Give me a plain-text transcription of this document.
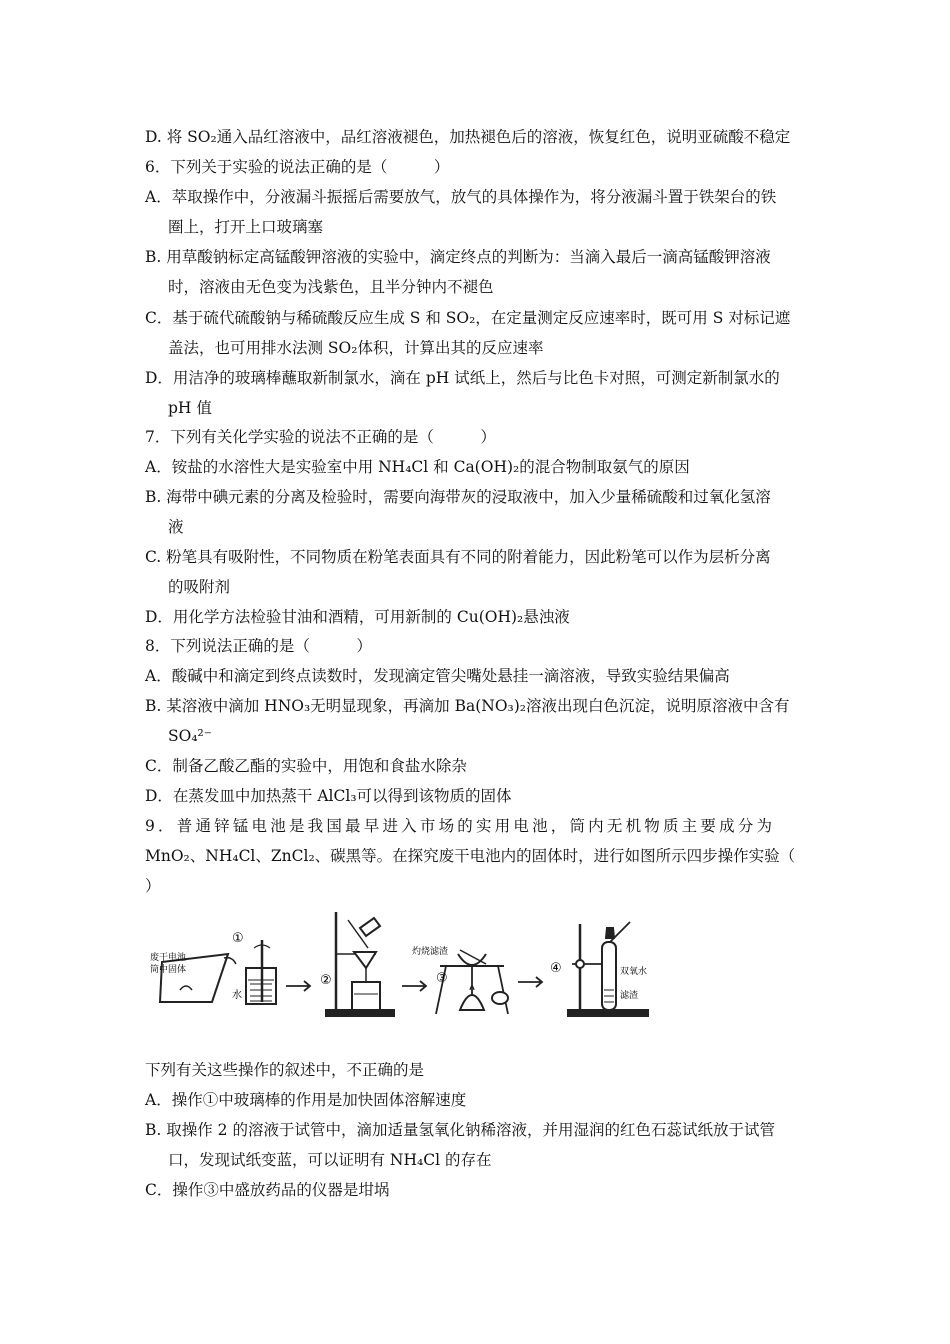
D. 将 SO₂通入品红溶液中，品红溶液褪色，加热褪色后的溶液，恢复红色，说明亚硫酸不稳定
6．下列关于实验的说法正确的是（　　　）
A．萃取操作中，分液漏斗振摇后需要放气，放气的具体操作为，将分液漏斗置于铁架台的铁
圈上，打开上口玻璃塞
B. 用草酸钠标定高锰酸钾溶液的实验中，滴定终点的判断为：当滴入最后一滴高锰酸钾溶液
时，溶液由无色变为浅紫色，且半分钟内不褪色
C．基于硫代硫酸钠与稀硫酸反应生成 S 和 SO₂，在定量测定反应速率时，既可用 S 对标记遮
盖法，也可用排水法测 SO₂体积，计算出其的反应速率
D．用洁净的玻璃棒蘸取新制氯水，滴在 pH 试纸上，然后与比色卡对照，可测定新制氯水的
pH 值
7．下列有关化学实验的说法不正确的是（　　　）
A．铵盐的水溶性大是实验室中用 NH₄Cl 和 Ca(OH)₂的混合物制取氨气的原因
B. 海带中碘元素的分离及检验时，需要向海带灰的浸取液中，加入少量稀硫酸和过氧化氢溶
液
C. 粉笔具有吸附性，不同物质在粉笔表面具有不同的附着能力，因此粉笔可以作为层析分离
的吸附剂
D．用化学方法检验甘油和酒精，可用新制的 Cu(OH)₂悬浊液
8．下列说法正确的是（　　　）
A．酸碱中和滴定到终点读数时，发现滴定管尖嘴处悬挂一滴溶液，导致实验结果偏高
B. 某溶液中滴加 HNO₃无明显现象，再滴加 Ba(NO₃)₂溶液出现白色沉淀，说明原溶液中含有
SO₄²⁻
C．制备乙酸乙酯的实验中，用饱和食盐水除杂
D．在蒸发皿中加热蒸干 AlCl₃可以得到该物质的固体
9．普通锌锰电池是我国最早进入市场的实用电池，筒内无机物质主要成分为
MnO₂、NH₄Cl、ZnCl₂、碳黑等。在探究废干电池内的固体时，进行如图所示四步操作实验（
）
①
废干电池
筒中固体
水
②
灼烧滤渣
③
④	双氧水
滤渣
下列有关这些操作的叙述中，不正确的是
A．操作①中玻璃棒的作用是加快固体溶解速度
B. 取操作 2 的溶液于试管中，滴加适量氢氧化钠稀溶液，并用湿润的红色石蕊试纸放于试管
口，发现试纸变蓝，可以证明有 NH₄Cl 的存在
C．操作③中盛放药品的仪器是坩埚
